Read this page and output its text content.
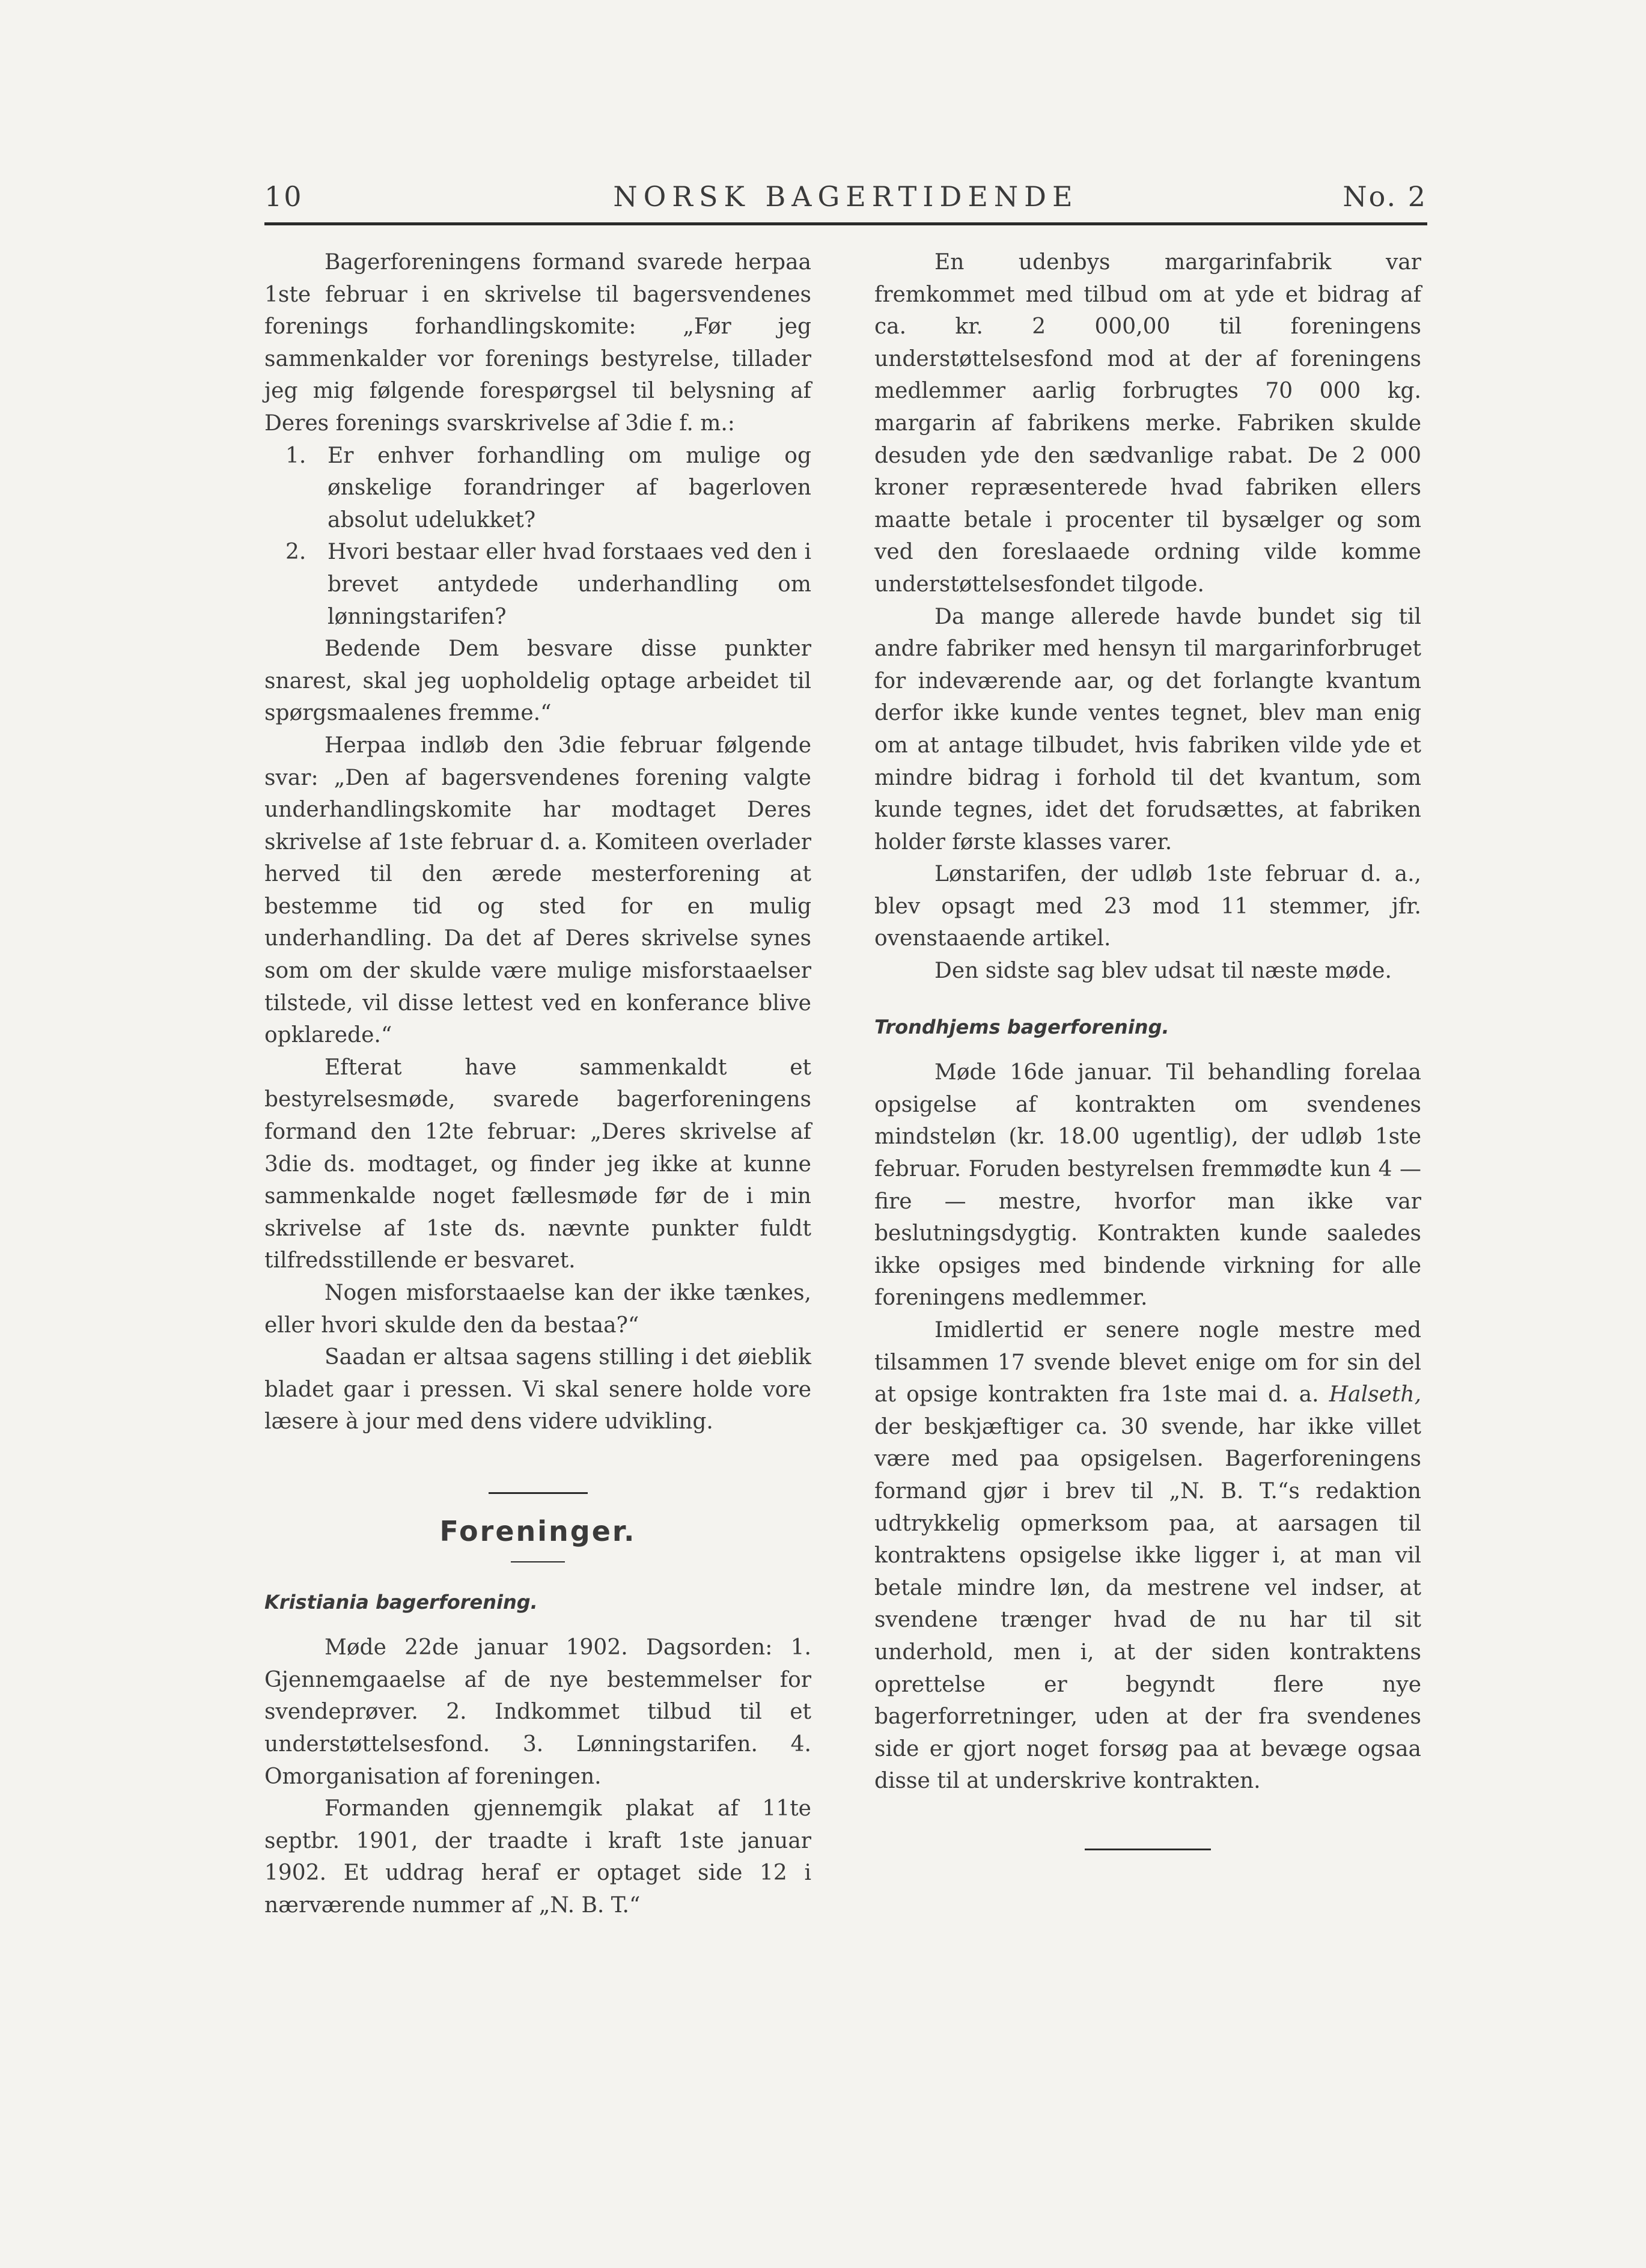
10	NORSK BAGERTIDENDE	No. 2

Bagerforeningens formand svarede herpaa 1ste februar i en skrivelse til bagersvendenes forenings forhandlingskomite: „Før jeg sammenkalder vor forenings bestyrelse, tillader jeg mig følgende forespørgsel til belysning af Deres forenings svarskrivelse af 3die f. m.:

1. Er enhver forhandling om mulige og ønskelige forandringer af bagerloven absolut udelukket?

2. Hvori bestaar eller hvad forstaaes ved den i brevet antydede underhandling om lønningstarifen?

Bedende Dem besvare disse punkter snarest, skal jeg uopholdelig optage arbeidet til spørgsmaalenes fremme.“

Herpaa indløb den 3die februar følgende svar: „Den af bagersvendenes forening valgte underhandlingskomite har modtaget Deres skrivelse af 1ste februar d. a. Komiteen overlader herved til den ærede mesterforening at bestemme tid og sted for en mulig underhandling. Da det af Deres skrivelse synes som om der skulde være mulige misforstaaelser tilstede, vil disse lettest ved en konferance blive opklarede.“

Efterat have sammenkaldt et bestyrelsesmøde, svarede bagerforeningens formand den 12te februar: „Deres skrivelse af 3die ds. modtaget, og finder jeg ikke at kunne sammenkalde noget fællesmøde før de i min skrivelse af 1ste ds. nævnte punkter fuldt tilfredsstillende er besvaret.

Nogen misforstaaelse kan der ikke tænkes, eller hvori skulde den da bestaa?“

Saadan er altsaa sagens stilling i det øieblik bladet gaar i pressen. Vi skal senere holde vore læsere à jour med dens videre udvikling.

Foreninger.

Kristiania bagerforening.

Møde 22de januar 1902. Dagsorden: 1. Gjennemgaaelse af de nye bestemmelser for svendeprøver. 2. Indkommet tilbud til et understøttelsesfond. 3. Lønningstarifen. 4. Omorganisation af foreningen.

Formanden gjennemgik plakat af 11te septbr. 1901, der traadte i kraft 1ste januar 1902. Et uddrag heraf er optaget side 12 i nærværende nummer af „N. B. T.“

En udenbys margarinfabrik var fremkommet med tilbud om at yde et bidrag af ca. kr. 2 000,00 til foreningens understøttelsesfond mod at der af foreningens medlemmer aarlig forbrugtes 70 000 kg. margarin af fabrikens merke. Fabriken skulde desuden yde den sædvanlige rabat. De 2 000 kroner repræsenterede hvad fabriken ellers maatte betale i procenter til bysælger og som ved den foreslaaede ordning vilde komme understøttelsesfondet tilgode.

Da mange allerede havde bundet sig til andre fabriker med hensyn til margarinforbruget for indeværende aar, og det forlangte kvantum derfor ikke kunde ventes tegnet, blev man enig om at antage tilbudet, hvis fabriken vilde yde et mindre bidrag i forhold til det kvantum, som kunde tegnes, idet det forudsættes, at fabriken holder første klasses varer.

Lønstarifen, der udløb 1ste februar d. a., blev opsagt med 23 mod 11 stemmer, jfr. ovenstaaende artikel.

Den sidste sag blev udsat til næste møde.

Trondhjems bagerforening.

Møde 16de januar. Til behandling forelaa opsigelse af kontrakten om svendenes mindsteløn (kr. 18.00 ugentlig), der udløb 1ste februar. Foruden bestyrelsen fremmødte kun 4 — fire — mestre, hvorfor man ikke var beslutningsdygtig. Kontrakten kunde saaledes ikke opsiges med bindende virkning for alle foreningens medlemmer.

Imidlertid er senere nogle mestre med tilsammen 17 svende blevet enige om for sin del at opsige kontrakten fra 1ste mai d. a. Halseth, der beskjæftiger ca. 30 svende, har ikke villet være med paa opsigelsen. Bagerforeningens formand gjør i brev til „N. B. T.“s redaktion udtrykkelig opmerksom paa, at aarsagen til kontraktens opsigelse ikke ligger i, at man vil betale mindre løn, da mestrene vel indser, at svendene trænger hvad de nu har til sit underhold, men i, at der siden kontraktens oprettelse er begyndt flere nye bagerforretninger, uden at der fra svendenes side er gjort noget forsøg paa at bevæge ogsaa disse til at underskrive kontrakten.
